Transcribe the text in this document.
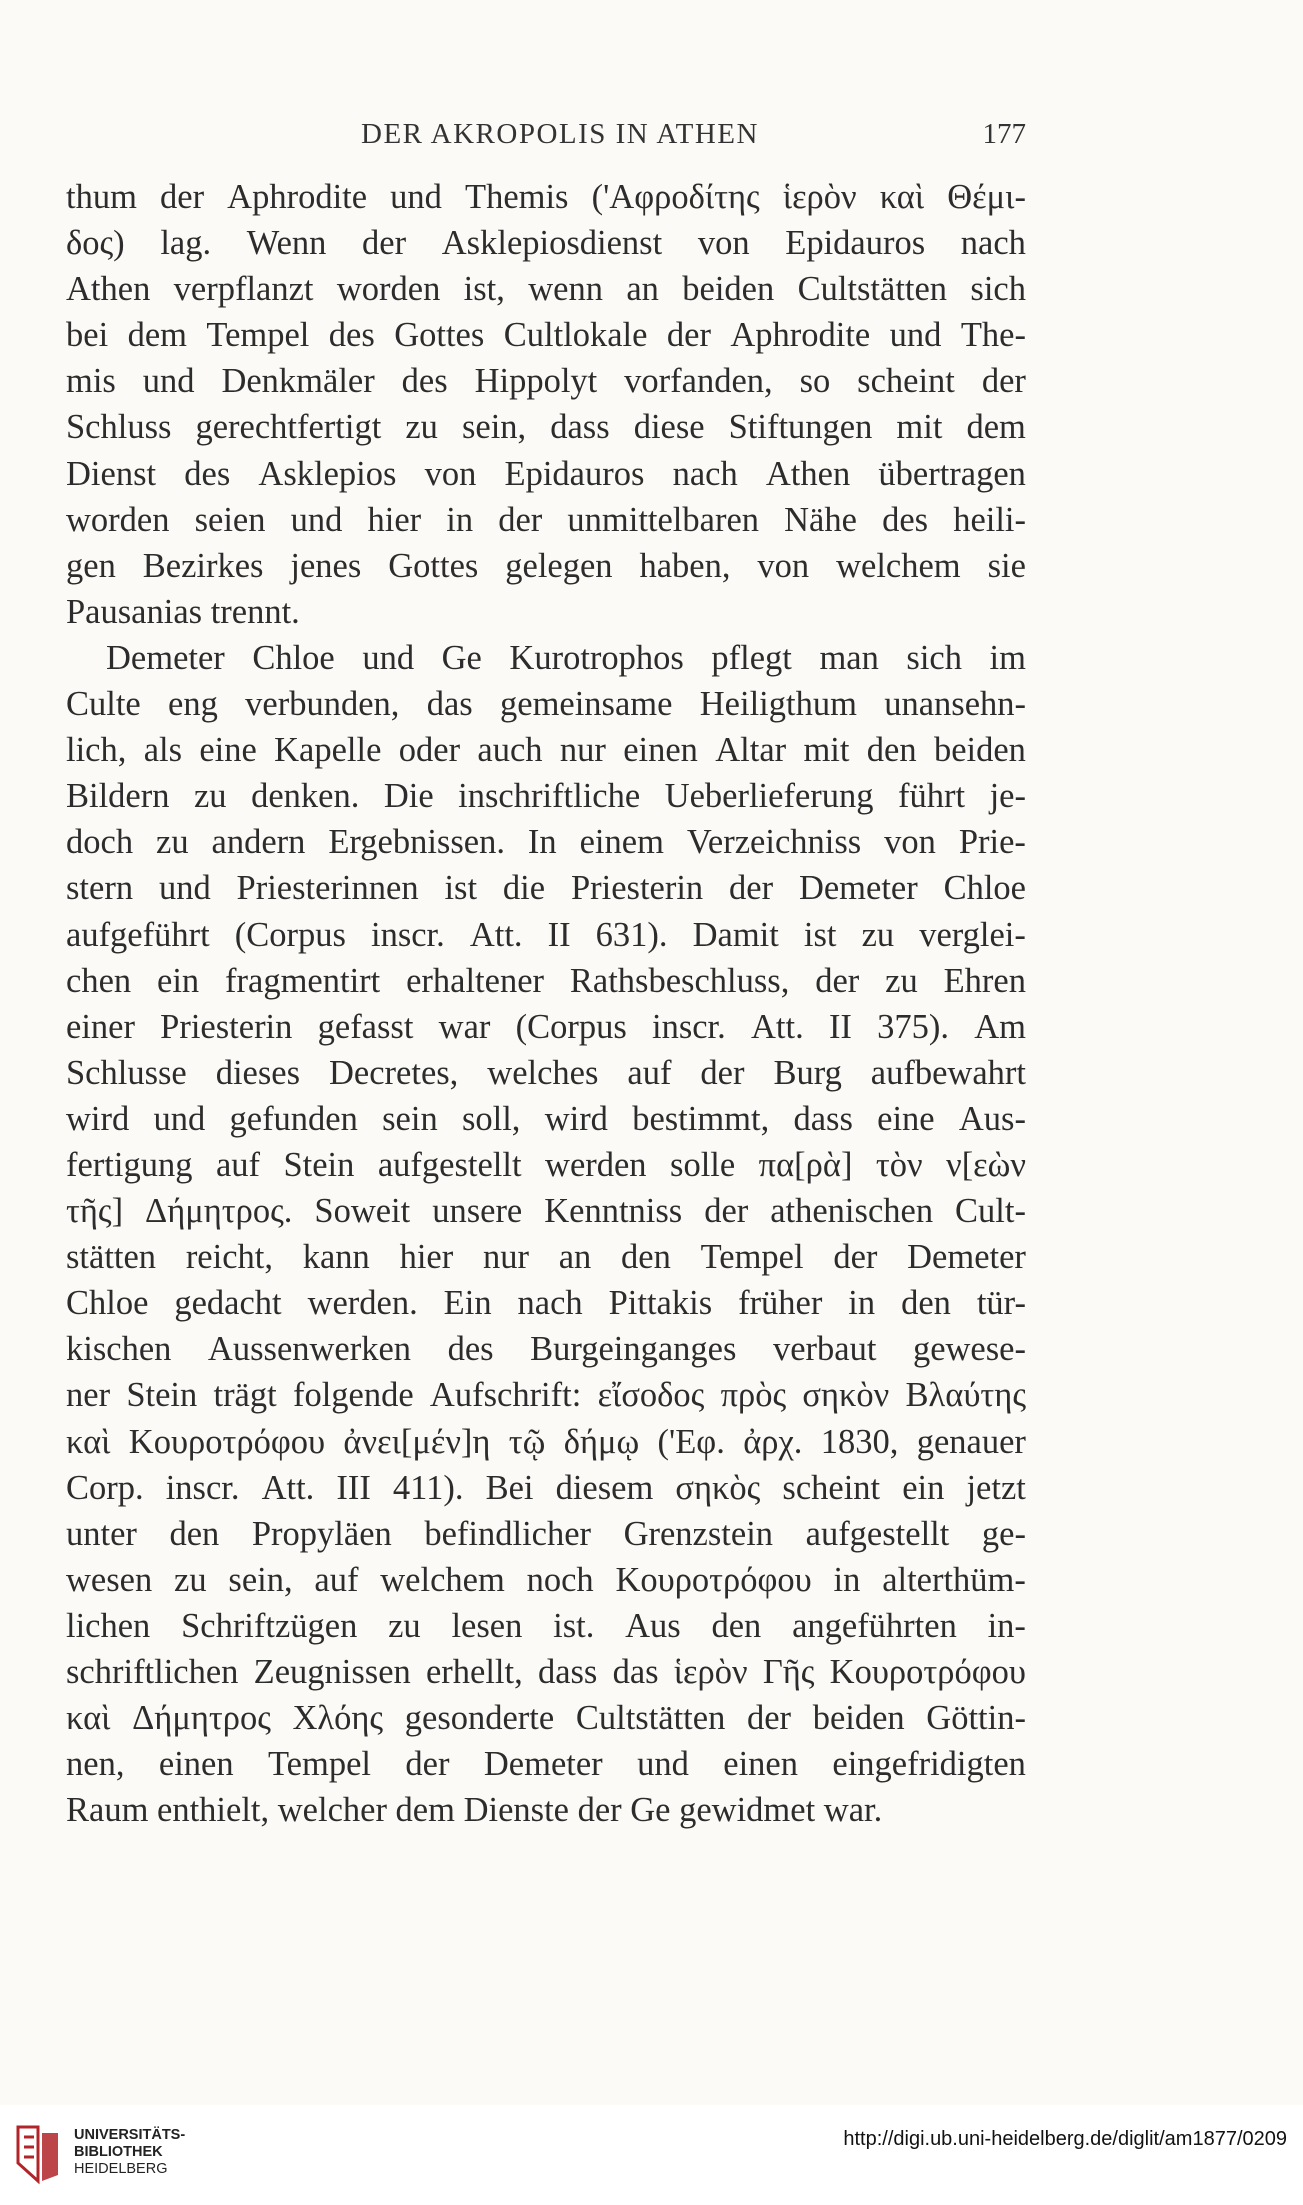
DER AKROPOLIS IN ATHEN	177
thum der Aphrodite und Themis ('Αφροδίτης ἱερὸν καὶ Θέμι-
δος) lag. Wenn der Asklepiosdienst von Epidauros nach
Athen verpflanzt worden ist, wenn an beiden Cultstätten sich
bei dem Tempel des Gottes Cultlokale der Aphrodite und The-
mis und Denkmäler des Hippolyt vorfanden, so scheint der
Schluss gerechtfertigt zu sein, dass diese Stiftungen mit dem
Dienst des Asklepios von Epidauros nach Athen übertragen
worden seien und hier in der unmittelbaren Nähe des heili-
gen Bezirkes jenes Gottes gelegen haben, von welchem sie
Pausanias trennt.
Demeter Chloe und Ge Kurotrophos pflegt man sich im
Culte eng verbunden, das gemeinsame Heiligthum unansehn-
lich, als eine Kapelle oder auch nur einen Altar mit den beiden
Bildern zu denken. Die inschriftliche Ueberlieferung führt je-
doch zu andern Ergebnissen. In einem Verzeichniss von Prie-
stern und Priesterinnen ist die Priesterin der Demeter Chloe
aufgeführt (Corpus inscr. Att. II 631). Damit ist zu verglei-
chen ein fragmentirt erhaltener Rathsbeschluss, der zu Ehren
einer Priesterin gefasst war (Corpus inscr. Att. II 375). Am
Schlusse dieses Decretes, welches auf der Burg aufbewahrt
wird und gefunden sein soll, wird bestimmt, dass eine Aus-
fertigung auf Stein aufgestellt werden solle πα[ρὰ] τὸν ν[εὼν
τῆς] Δήμητρος. Soweit unsere Kenntniss der athenischen Cult-
stätten reicht, kann hier nur an den Tempel der Demeter
Chloe gedacht werden. Ein nach Pittakis früher in den tür-
kischen Aussenwerken des Burgeinganges verbaut gewese-
ner Stein trägt folgende Aufschrift: εἴσοδος πρὸς σηκὸν Βλαύτης
καὶ Κουροτρόφου ἀνει[μέν]η τῷ δήμῳ ('Εφ. ἀρχ. 1830, genauer
Corp. inscr. Att. III 411). Bei diesem σηκὸς scheint ein jetzt
unter den Propyläen befindlicher Grenzstein aufgestellt ge-
wesen zu sein, auf welchem noch Κουροτρόφου in alterthüm-
lichen Schriftzügen zu lesen ist. Aus den angeführten in-
schriftlichen Zeugnissen erhellt, dass das ἱερὸν Γῆς Κουροτρόφου
καὶ Δήμητρος Χλόης gesonderte Cultstätten der beiden Göttin-
nen, einen Tempel der Demeter und einen eingefridigten
Raum enthielt, welcher dem Dienste der Ge gewidmet war.
UNIVERSITÄTS-
BIBLIOTHEK
HEIDELBERG
http://digi.ub.uni-heidelberg.de/diglit/am1877/0209
